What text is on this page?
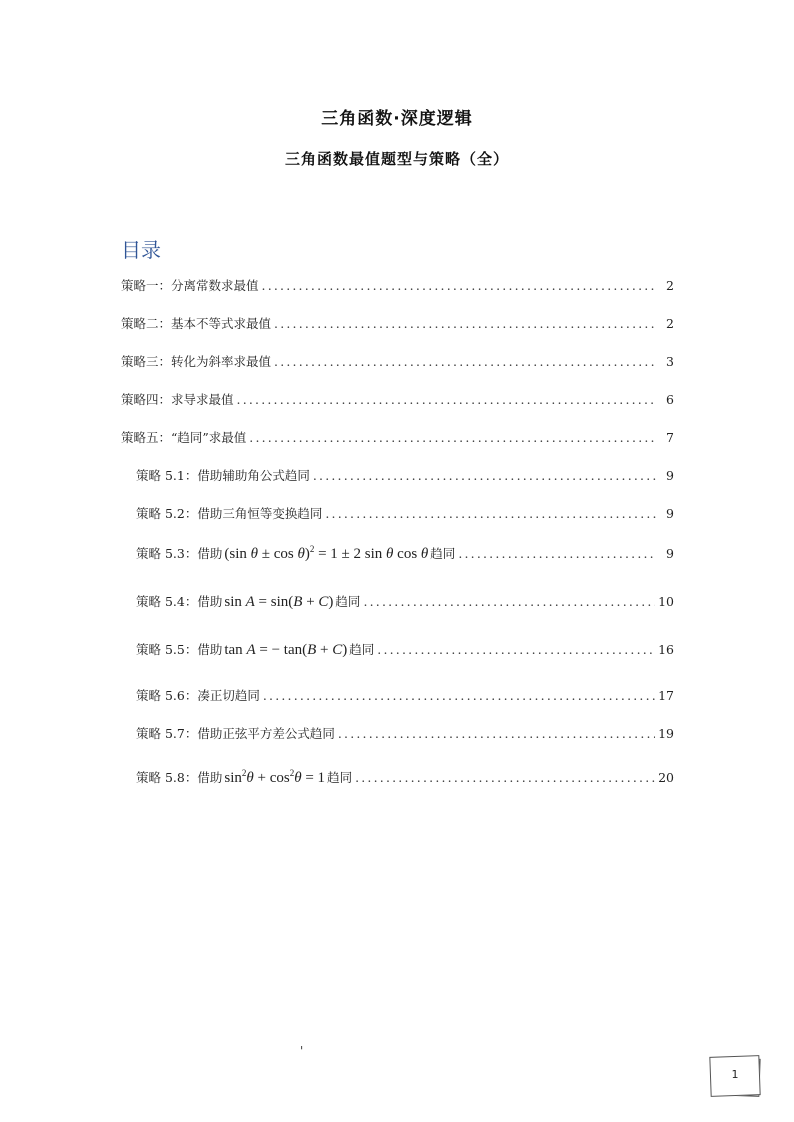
三角函数·深度逻辑
三角函数最值题型与策略（全）
目录
策略一：分离常数求最值 .....	2
策略二：基本不等式求最值 .....	2
策略三：转化为斜率求最值 .....	3
策略四：求导求最值 .....	6
策略五：“趋同”求最值 .....	7
策略 5.1：借助辅助角公式趋同 .....	9
策略 5.2：借助三角恒等变换趋同 .....	9
策略 5.3：借助 (sin θ ± cos θ)$^2$ = 1 ± 2 sin θ cos θ 趋同 .....	9
策略 5.4：借助 sin A = sin(B + C) 趋同 .....	10
策略 5.5：借助 tan A = − tan(B + C) 趋同 .....	16
策略 5.6：凑正切趋同 .....	17
策略 5.7：借助正弦平方差公式趋同 .....	19
策略 5.8：借助 $\sin^2\theta + \cos^2\theta = 1$ 趋同 .....	20
'
1
